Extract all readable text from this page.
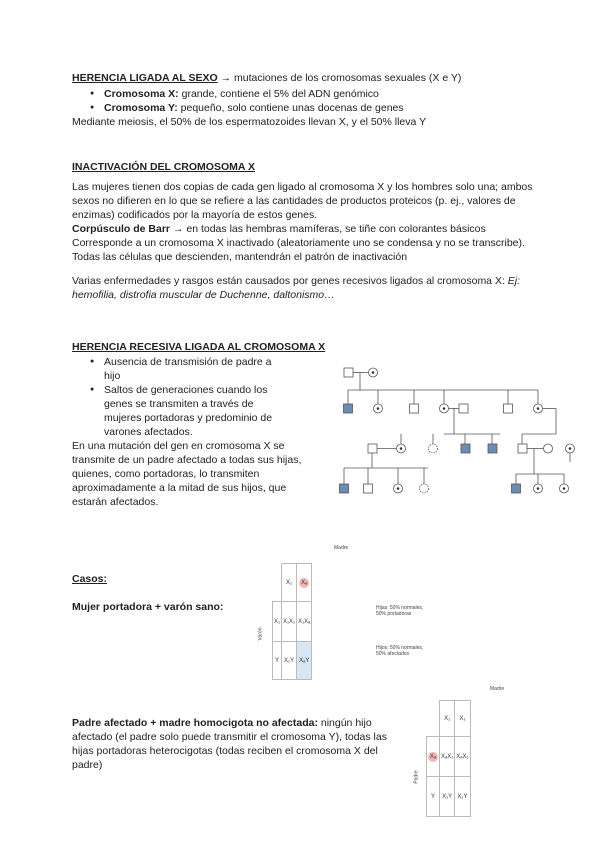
HERENCIA LIGADA AL SEXO → mutaciones de los cromosomas sexuales (X e Y)

● Cromosoma X: grande, contiene el 5% del ADN genómico
● Cromosoma Y: pequeño, solo contiene unas docenas de genes

Mediante meiosis, el 50% de los espermatozoides llevan X, y el 50% lleva Y

INACTIVACIÓN DEL CROMOSOMA X

Las mujeres tienen dos copias de cada gen ligado al cromosoma X y los hombres solo una; ambos sexos no difieren en lo que se refiere a las cantidades de productos proteicos (p. ej., valores de enzimas) codificados por la mayoría de estos genes.

Corpúsculo de Barr → en todas las hembras mamíferas, se tiñe con colorantes básicos Corresponde a un cromosoma X inactivado (aleatoriamente uno se condensa y no se transcribe). Todas las células que descienden, mantendrán el patrón de inactivación

Varias enfermedades y rasgos están causados por genes recesivos ligados al cromosoma X: Ej: hemofilia, distrofia muscular de Duchenne, daltonismo…

HERENCIA RECESIVA LIGADA AL CROMOSOMA X

● Ausencia de transmisión de padre a hijo
● Saltos de generaciones cuando los genes se transmiten a través de mujeres portadoras y predominio de varones afectados.

En una mutación del gen en cromosoma X se transmite de un padre afectado a todas sus hijas, quienes, como portadoras, lo transmiten aproximadamente a la mitad de sus hijos, que estarán afectados.

Casos:

Mujer portadora + varón sano:

Madre
Varón
	X₁	Xₐ
X₁	X₁X₁	X₁Xₐ
Y	X₁Y	XₐY
Hijas: 50% normales, 50% portadoras
Hijos: 50% normales, 50% afectados

Padre afectado + madre homocigota no afectada: ningún hijo afectado (el padre solo puede transmitir el cromosoma Y), todas las hijas portadoras heterocigotas (todas reciben el cromosoma X del padre)

Madre
Padre
	X₁	X₁
Xₐ	XₐX₁	XₐX₁
Y	X₁Y	X₁Y
